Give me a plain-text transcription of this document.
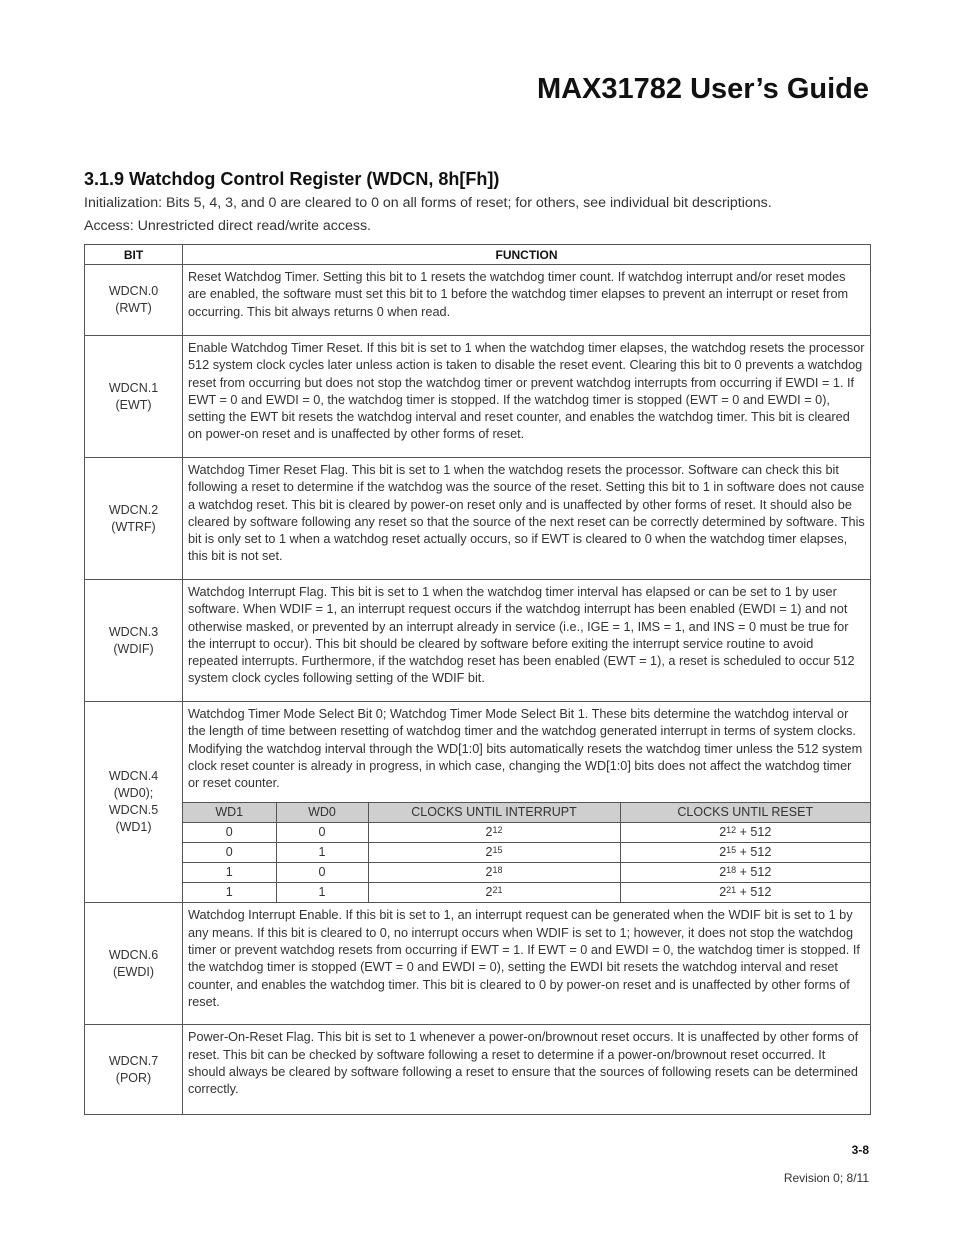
MAX31782 User’s Guide
3.1.9 Watchdog Control Register (WDCN, 8h[Fh])

Initialization: Bits 5, 4, 3, and 0 are cleared to 0 on all forms of reset; for others, see individual bit descriptions.

Access: Unrestricted direct read/write access.

BIT	FUNCTION

WDCN.0
(RWT)
	Reset Watchdog Timer. Setting this bit to 1 resets the watchdog timer count. If watchdog interrupt and/or reset modes are enabled, the software must set this bit to 1 before the watchdog timer elapses to prevent an interrupt or reset from occurring. This bit always returns 0 when read.

WDCN.1
(EWT)
	Enable Watchdog Timer Reset. If this bit is set to 1 when the watchdog timer elapses, the watchdog resets the processor 512 system clock cycles later unless action is taken to disable the reset event. Clearing this bit to 0 prevents a watchdog reset from occurring but does not stop the watchdog timer or prevent watchdog interrupts from occurring if EWDI = 1. If EWT = 0 and EWDI = 0, the watchdog timer is stopped. If the watchdog timer is stopped (EWT = 0 and EWDI = 0), setting the EWT bit resets the watchdog interval and reset counter, and enables the watchdog timer. This bit is cleared on power-on reset and is unaffected by other forms of reset.

WDCN.2
(WTRF)
	Watchdog Timer Reset Flag. This bit is set to 1 when the watchdog resets the processor. Software can check this bit following a reset to determine if the watchdog was the source of the reset. Setting this bit to 1 in software does not cause a watchdog reset. This bit is cleared by power-on reset only and is unaffected by other forms of reset. It should also be cleared by software following any reset so that the source of the next reset can be correctly determined by software. This bit is only set to 1 when a watchdog reset actually occurs, so if EWT is cleared to 0 when the watchdog timer elapses, this bit is not set.

WDCN.3
(WDIF)
	Watchdog Interrupt Flag. This bit is set to 1 when the watchdog timer interval has elapsed or can be set to 1 by user software. When WDIF = 1, an interrupt request occurs if the watchdog interrupt has been enabled (EWDI = 1) and not otherwise masked, or prevented by an interrupt already in service (i.e., IGE = 1, IMS = 1, and INS = 0 must be true for the interrupt to occur). This bit should be cleared by software before exiting the interrupt service routine to avoid repeated interrupts. Furthermore, if the watchdog reset has been enabled (EWT = 1), a reset is scheduled to occur 512 system clock cycles following setting of the WDIF bit.

WDCN.4
(WD0);
WDCN.5
(WD1)

Watchdog Timer Mode Select Bit 0; Watchdog Timer Mode Select Bit 1. These bits determine the watchdog interval or the length of time between resetting of watchdog timer and the watchdog generated interrupt in terms of system clocks. Modifying the watchdog interval through the WD[1:0] bits automatically resets the watchdog timer unless the 512 system clock reset counter is already in progress, in which case, changing the WD[1:0] bits does not affect the watchdog timer or reset counter.
WD1	WD0	CLOCKS UNTIL INTERRUPT	CLOCKS UNTIL RESET
0	0	$2^{12}$	$2^{12} + 512$
0	1	$2^{15}$	$2^{15} + 512$
1	0	$2^{18}$	$2^{18} + 512$
1	1	$2^{21}$	$2^{21} + 512$

WDCN.6
(EWDI)
	Watchdog Interrupt Enable. If this bit is set to 1, an interrupt request can be generated when the WDIF bit is set to 1 by any means. If this bit is cleared to 0, no interrupt occurs when WDIF is set to 1; however, it does not stop the watchdog timer or prevent watchdog resets from occurring if EWT = 1. If EWT = 0 and EWDI = 0, the watchdog timer is stopped. If the watchdog timer is stopped (EWT = 0 and EWDI = 0), setting the EWDI bit resets the watchdog interval and reset counter, and enables the watchdog timer. This bit is cleared to 0 by power-on reset and is unaffected by other forms of reset.

WDCN.7
(POR)
	Power-On-Reset Flag. This bit is set to 1 whenever a power-on/brownout reset occurs. It is unaffected by other forms of reset. This bit can be checked by software following a reset to determine if a power-on/brownout reset occurred. It should always be cleared by software following a reset to ensure that the sources of following resets can be determined correctly.
3-8
Revision 0; 8/11
